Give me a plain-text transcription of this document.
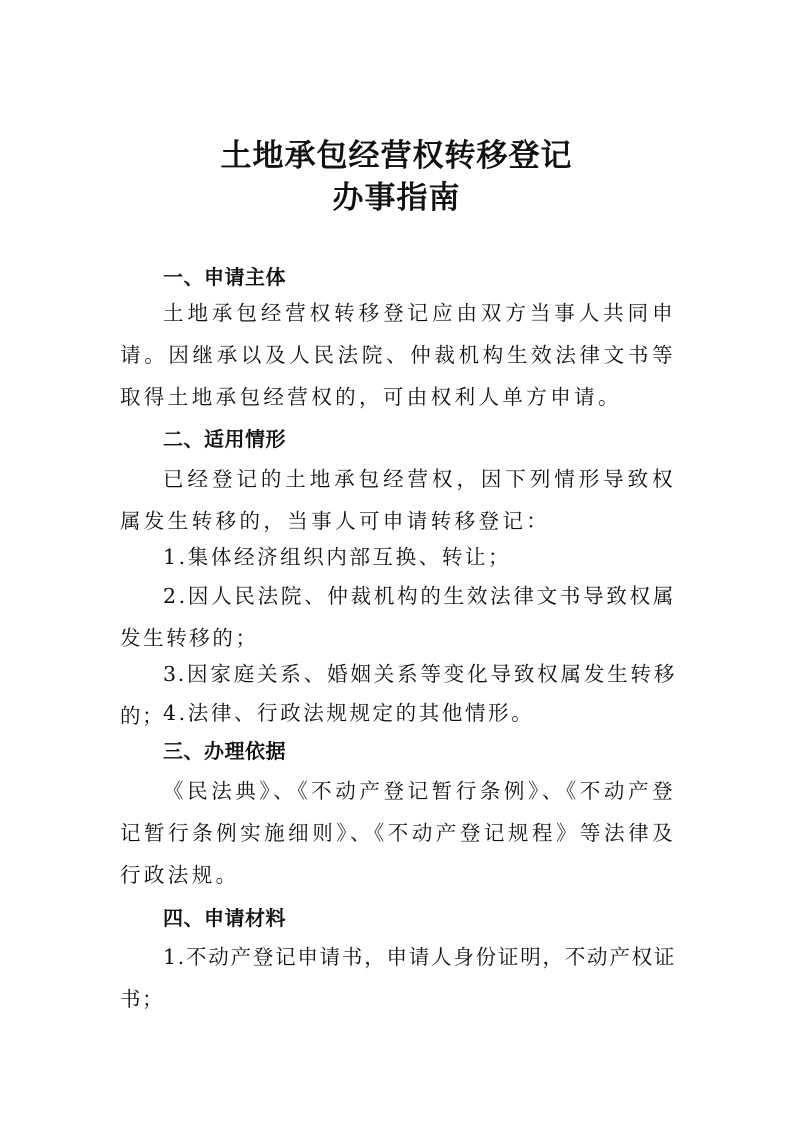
土地承包经营权转移登记
办事指南
一、申请主体

土地承包经营权转移登记应由双方当事人共同申请。因继承以及人民法院、仲裁机构生效法律文书等取得土地承包经营权的，可由权利人单方申请。

二、适用情形

已经登记的土地承包经营权，因下列情形导致权属发生转移的，当事人可申请转移登记：

1.集体经济组织内部互换、转让；

2.因人民法院、仲裁机构的生效法律文书导致权属发生转移的；

3.因家庭关系、婚姻关系等变化导致权属发生转移的；

4.法律、行政法规规定的其他情形。

三、办理依据

《民法典》、《不动产登记暂行条例》、《不动产登记暂行条例实施细则》、《不动产登记规程》等法律及行政法规。

四、申请材料

1.不动产登记申请书，申请人身份证明，不动产权证书；
